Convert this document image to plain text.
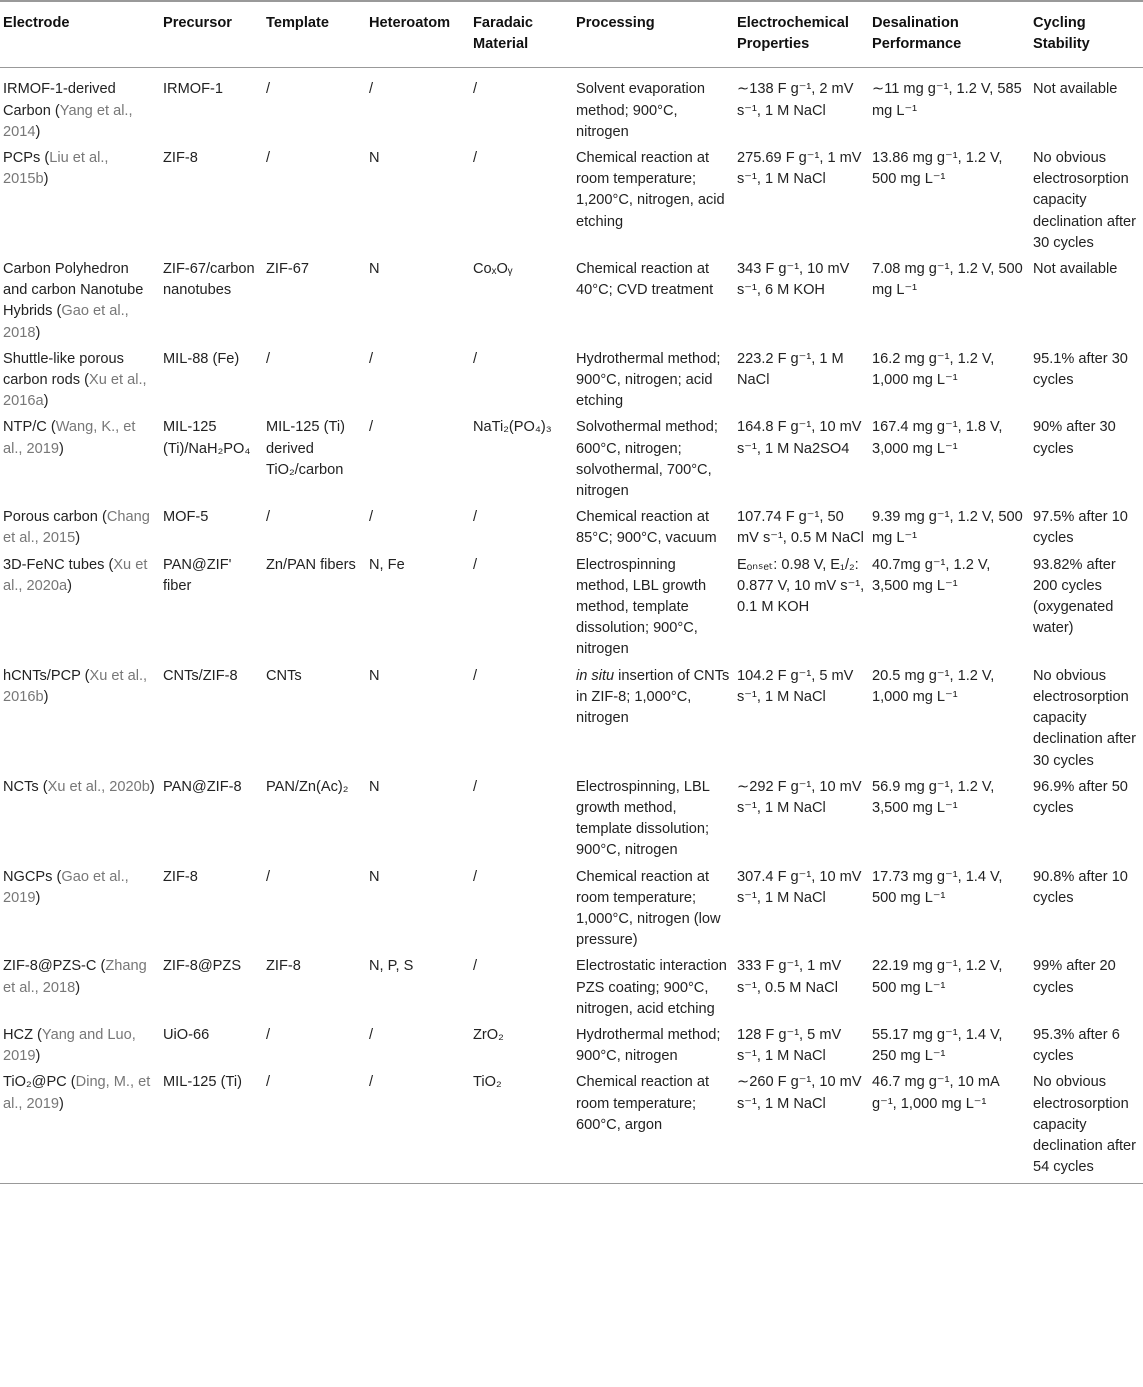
Electrode	Precursor	Template	Heteroatom	Faradaic Material	Processing	Electrochemical Properties	Desalination Performance	Cycling Stability
IRMOF-1-derived Carbon (Yang et al., 2014)	IRMOF-1	/	/	/	Solvent evaporation method; 900°C, nitrogen	∼138 F g⁻¹, 2 mV s⁻¹, 1 M NaCl	∼11 mg g⁻¹, 1.2 V, 585 mg L⁻¹	Not available
PCPs (Liu et al., 2015b)	ZIF-8	/	N	/	Chemical reaction at room temperature; 1,200°C, nitrogen, acid etching	275.69 F g⁻¹, 1 mV s⁻¹, 1 M NaCl	13.86 mg g⁻¹, 1.2 V, 500 mg L⁻¹	No obvious electrosorption capacity declination after 30 cycles
Carbon Polyhedron and carbon Nanotube Hybrids (Gao et al., 2018)	ZIF-67/carbon nanotubes	ZIF-67	N	CoₓOᵧ	Chemical reaction at 40°C; CVD treatment	343 F g⁻¹, 10 mV s⁻¹, 6 M KOH	7.08 mg g⁻¹, 1.2 V, 500 mg L⁻¹	Not available
Shuttle-like porous carbon rods (Xu et al., 2016a)	MIL-88 (Fe)	/	/	/	Hydrothermal method; 900°C, nitrogen; acid etching	223.2 F g⁻¹, 1 M NaCl	16.2 mg g⁻¹, 1.2 V, 1,000 mg L⁻¹	95.1% after 30 cycles
NTP/C (Wang, K., et al., 2019)	MIL-125 (Ti)/NaH₂PO₄	MIL-125 (Ti) derived TiO₂/carbon	/	NaTi₂(PO₄)₃	Solvothermal method; 600°C, nitrogen; solvothermal, 700°C, nitrogen	164.8 F g⁻¹, 10 mV s⁻¹, 1 M Na2SO4	167.4 mg g⁻¹, 1.8 V, 3,000 mg L⁻¹	90% after 30 cycles
Porous carbon (Chang et al., 2015)	MOF-5	/	/	/	Chemical reaction at 85°C; 900°C, vacuum	107.74 F g⁻¹, 50 mV s⁻¹, 0.5 M NaCl	9.39 mg g⁻¹, 1.2 V, 500 mg L⁻¹	97.5% after 10 cycles
3D-FeNC tubes (Xu et al., 2020a)	PAN@ZIF' fiber	Zn/PAN fibers	N, Fe	/	Electrospinning method, LBL growth method, template dissolution; 900°C, nitrogen	Eₒₙₛₑₜ: 0.98 V, E₁/₂: 0.877 V, 10 mV s⁻¹, 0.1 M KOH	40.7mg g⁻¹, 1.2 V, 3,500 mg L⁻¹	93.82% after 200 cycles (oxygenated water)
hCNTs/PCP (Xu et al., 2016b)	CNTs/ZIF-8	CNTs	N	/	in situ insertion of CNTs in ZIF-8; 1,000°C, nitrogen	104.2 F g⁻¹, 5 mV s⁻¹, 1 M NaCl	20.5 mg g⁻¹, 1.2 V, 1,000 mg L⁻¹	No obvious electrosorption capacity declination after 30 cycles
NCTs (Xu et al., 2020b)	PAN@ZIF-8	PAN/Zn(Ac)₂	N	/	Electrospinning, LBL growth method, template dissolution; 900°C, nitrogen	∼292 F g⁻¹, 10 mV s⁻¹, 1 M NaCl	56.9 mg g⁻¹, 1.2 V, 3,500 mg L⁻¹	96.9% after 50 cycles
NGCPs (Gao et al., 2019)	ZIF-8	/	N	/	Chemical reaction at room temperature; 1,000°C, nitrogen (low pressure)	307.4 F g⁻¹, 10 mV s⁻¹, 1 M NaCl	17.73 mg g⁻¹, 1.4 V, 500 mg L⁻¹	90.8% after 10 cycles
ZIF-8@PZS-C (Zhang et al., 2018)	ZIF-8@PZS	ZIF-8	N, P, S	/	Electrostatic interaction PZS coating; 900°C, nitrogen, acid etching	333 F g⁻¹, 1 mV s⁻¹, 0.5 M NaCl	22.19 mg g⁻¹, 1.2 V, 500 mg L⁻¹	99% after 20 cycles
HCZ (Yang and Luo, 2019)	UiO-66	/	/	ZrO₂	Hydrothermal method; 900°C, nitrogen	128 F g⁻¹, 5 mV s⁻¹, 1 M NaCl	55.17 mg g⁻¹, 1.4 V, 250 mg L⁻¹	95.3% after 6 cycles
TiO₂@PC (Ding, M., et al., 2019)	MIL-125 (Ti)	/	/	TiO₂	Chemical reaction at room temperature; 600°C, argon	∼260 F g⁻¹, 10 mV s⁻¹, 1 M NaCl	46.7 mg g⁻¹, 10 mA g⁻¹, 1,000 mg L⁻¹	No obvious electrosorption capacity declination after 54 cycles
